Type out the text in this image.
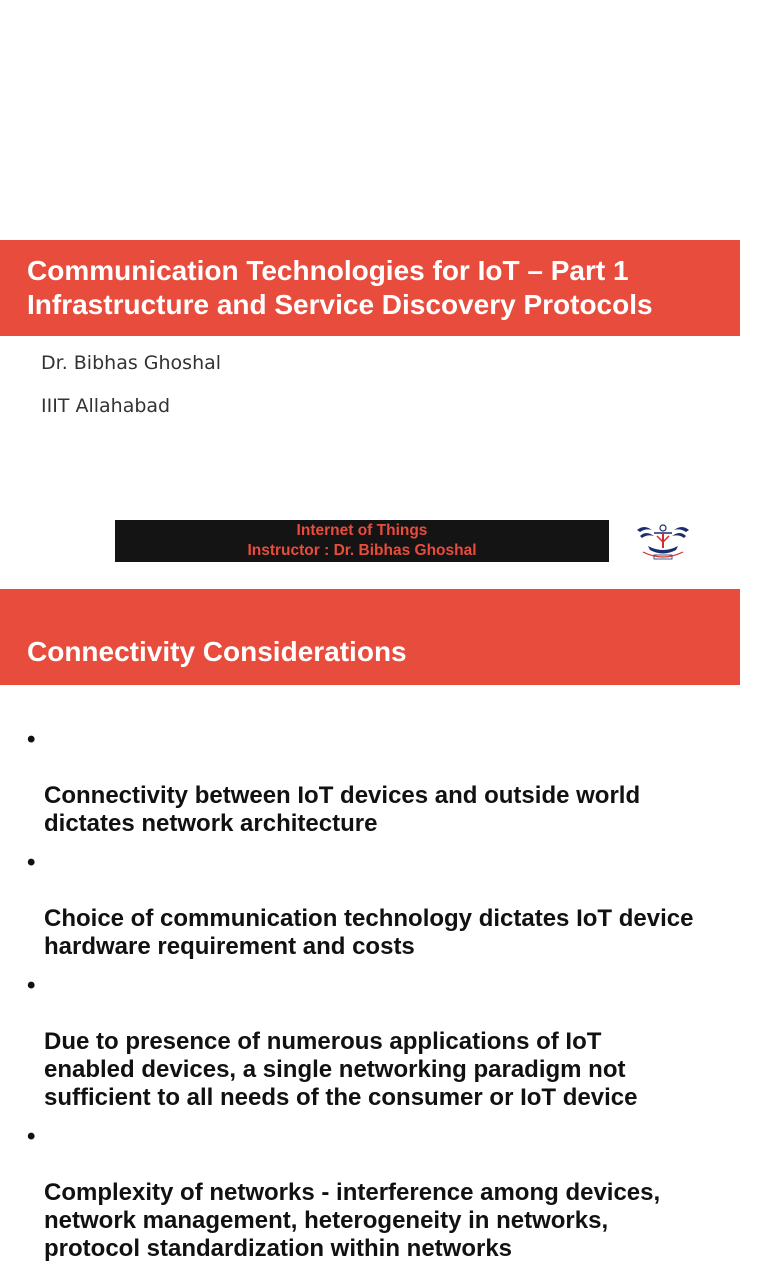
Communication Technologies for IoT – Part 1
Infrastructure and Service Discovery Protocols
Dr. Bibhas Ghoshal
IIIT Allahabad
Internet of Things
Instructor : Dr. Bibhas Ghoshal
Connectivity Considerations

•

Connectivity between IoT devices and outside world
dictates network architecture

•

Choice of communication technology dictates IoT device
hardware requirement and costs

•

Due to presence of numerous applications of IoT
enabled devices, a single networking paradigm not
sufficient to all needs of the consumer or IoT device

•

Complexity of networks - interference among devices,
network management, heterogeneity in networks,
protocol standardization within networks
